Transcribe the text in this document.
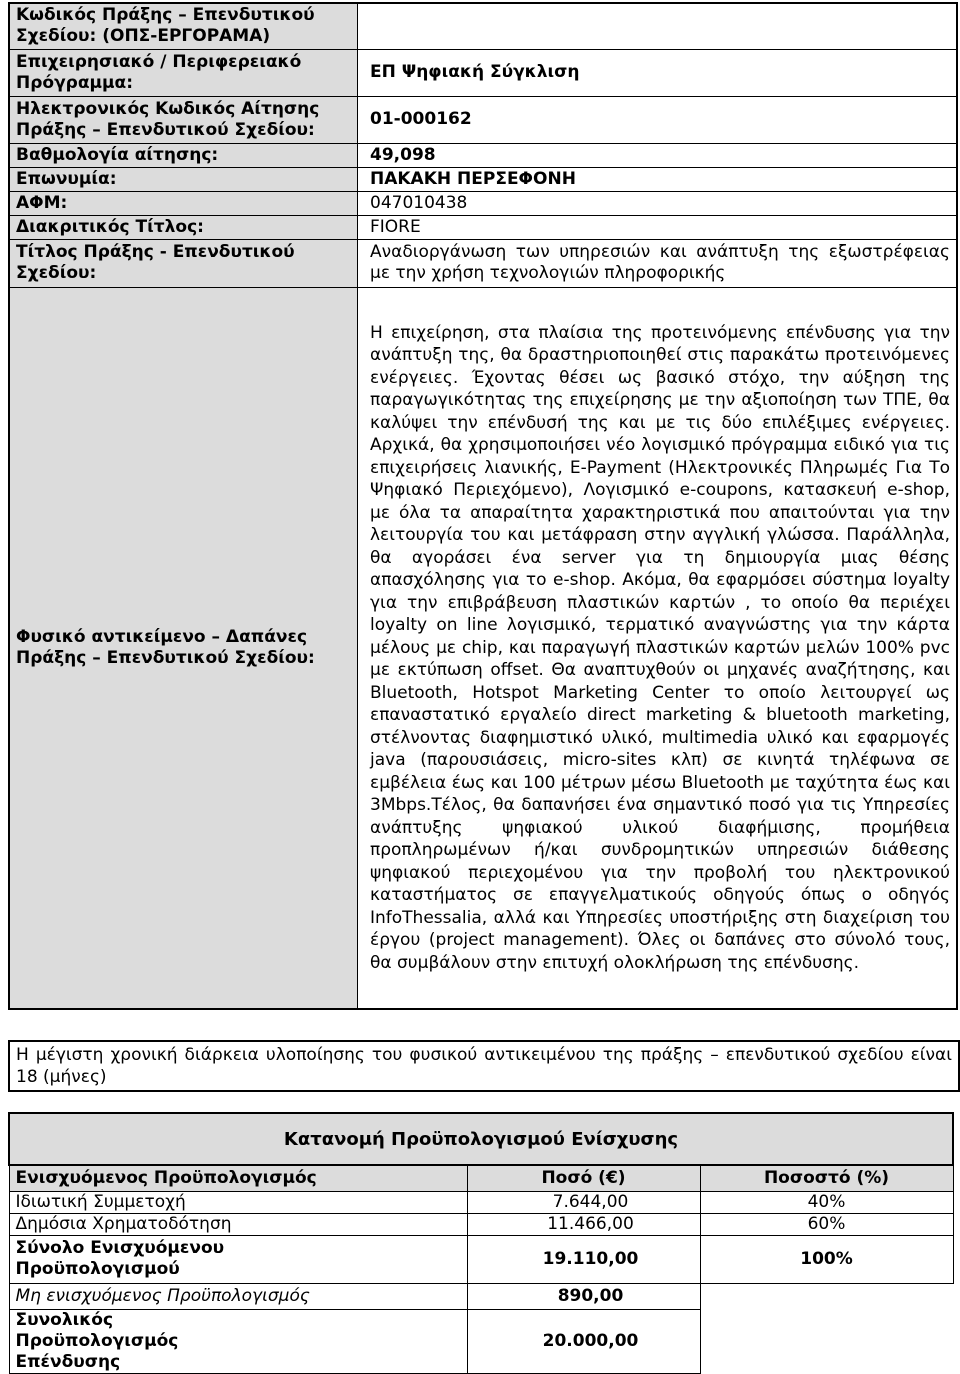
Κωδικός Πράξης – Επενδυτικού Σχεδίου: (ΟΠΣ-ΕΡΓΟΡΑΜΑ)	
Επιχειρησιακό / Περιφερειακό Πρόγραμμα:	ΕΠ Ψηφιακή Σύγκλιση
Ηλεκτρονικός Κωδικός Αίτησης Πράξης – Επενδυτικού Σχεδίου:	01-000162
Βαθμολογία αίτησης:	49,098
Επωνυμία:	ΠΑΚΑΚΗ ΠΕΡΣΕΦΟΝΗ
ΑΦΜ:	047010438
Διακριτικός Τίτλος:	FIORE
Τίτλος Πράξης - Επενδυτικού Σχεδίου:	Αναδιοργάνωση των υπηρεσιών και ανάπτυξη της εξωστρέφειας με την χρήση τεχνολογιών πληροφορικής
Φυσικό αντικείμενο – Δαπάνες Πράξης – Επενδυτικού Σχεδίου:	Η επιχείρηση, στα πλαίσια της προτεινόμενης επένδυσης για την ανάπτυξη της, θα δραστηριοποιηθεί στις παρακάτω προτεινόμενες ενέργειες. Έχοντας θέσει ως βασικό στόχο, την αύξηση της παραγωγικότητας της επιχείρησης με την αξιοποίηση των ΤΠΕ, θα καλύψει την επένδυσή της και με τις δύο επιλέξιμες ενέργειες. Αρχικά, θα χρησιμοποιήσει νέο λογισμικό πρόγραμμα ειδικό για τις επιχειρήσεις λιανικής, E-Payment (Ηλεκτρονικές Πληρωμές Για Το Ψηφιακό Περιεχόμενο), Λογισμικό e-coupons, κατασκευή e-shop, με όλα τα απαραίτητα χαρακτηριστικά που απαιτούνται για την λειτουργία του και μετάφραση στην αγγλική γλώσσα. Παράλληλα, θα αγοράσει ένα server για τη δημιουργία μιας θέσης απασχόλησης για το e-shop. Ακόμα, θα εφαρμόσει σύστημα loyalty για την επιβράβευση πλαστικών καρτών , το οποίο θα περιέχει loyalty on line λογισμικό, τερματικό αναγνώστης για την κάρτα μέλους με chip, και παραγωγή πλαστικών καρτών μελών 100% pvc με εκτύπωση offset. Θα αναπτυχθούν οι μηχανές αναζήτησης, και Bluetooth, Hotspot Marketing Center το οποίο λειτουργεί ως επαναστατικό εργαλείο direct marketing & bluetooth marketing, στέλνοντας διαφημιστικό υλικό, multimedia υλικό και εφαρμογές java (παρουσιάσεις, micro-sites κλπ) σε κινητά τηλέφωνα σε εμβέλεια έως και 100 μέτρων μέσω Bluetooth με ταχύτητα έως και 3Mbps.Τέλος, θα δαπανήσει ένα σημαντικό ποσό για τις Υπηρεσίες ανάπτυξης ψηφιακού υλικού διαφήμισης, προμήθεια προπληρωμένων ή/και συνδρομητικών υπηρεσιών διάθεσης ψηφιακού περιεχομένου για την προβολή του ηλεκτρονικού καταστήματος σε επαγγελματικούς οδηγούς όπως ο οδηγός InfoThessalia, αλλά και Υπηρεσίες υποστήριξης στη διαχείριση του έργου (project management). Όλες οι δαπάνες στο σύνολό τους, θα συμβάλουν στην επιτυχή ολοκλήρωση της επένδυσης.
Η μέγιστη χρονική διάρκεια υλοποίησης του φυσικού αντικειμένου της πράξης – επενδυτικού σχεδίου είναι 18 (μήνες)
Κατανομή Προϋπολογισμού Ενίσχυσης		
Ενισχυόμενος Προϋπολογισμός	Ποσό (€)	Ποσοστό (%)
Ιδιωτική Συμμετοχή	7.644,00	40%
Δημόσια Χρηματοδότηση	11.466,00	60%
Σύνολο Ενισχυόμενου Προϋπολογισμού	19.110,00	100%
Μη ενισχυόμενος Προϋπολογισμός	890,00	
Συνολικός Προϋπολογισμός Επένδυσης	20.000,00	
